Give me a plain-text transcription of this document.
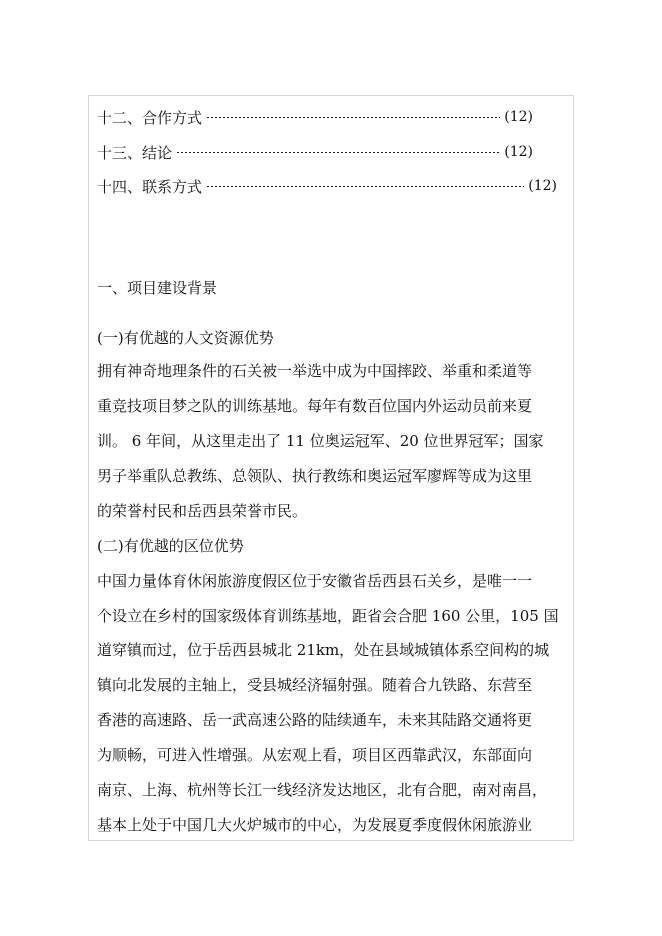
十二、合作方式	(12)
十三、结论	(12)
十四、联系方式	(12)
一、项目建设背景
(一)有优越的人文资源优势
拥有神奇地理条件的石关被一举选中成为中国摔跤、举重和柔道等
重竞技项目梦之队的训练基地。每年有数百位国内外运动员前来夏
训。 6 年间，从这里走出了 11 位奥运冠军、20 位世界冠军；国家
男子举重队总教练、总领队、执行教练和奥运冠军廖辉等成为这里
的荣誉村民和岳西县荣誉市民。
(二)有优越的区位优势
中国力量体育休闲旅游度假区位于安徽省岳西县石关乡，是唯一一
个设立在乡村的国家级体育训练基地，距省会合肥 160 公里，105 国
道穿镇而过，位于岳西县城北 21km，处在县域城镇体系空间构的城
镇向北发展的主轴上，受县城经济辐射强。随着合九铁路、东营至
香港的高速路、岳一武高速公路的陆续通车，未来其陆路交通将更
为顺畅，可进入性增强。从宏观上看，项目区西靠武汉，东部面向
南京、上海、杭州等长江一线经济发达地区，北有合肥，南对南昌，
基本上处于中国几大火炉城市的中心，为发展夏季度假休闲旅游业
